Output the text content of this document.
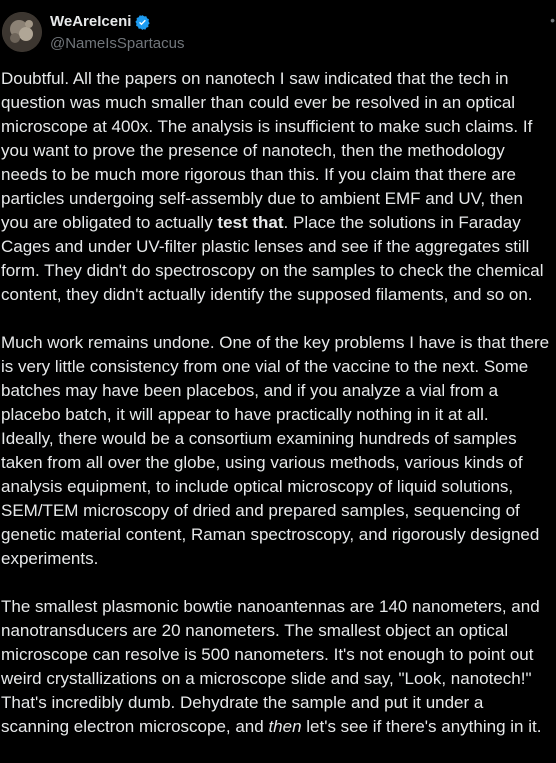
WeAreIceni
@NameIsSpartacus
•
Doubtful. All the papers on nanotech I saw indicated that the tech in
question was much smaller than could ever be resolved in an optical
microscope at 400x. The analysis is insufficient to make such claims. If
you want to prove the presence of nanotech, then the methodology
needs to be much more rigorous than this. If you claim that there are
particles undergoing self-assembly due to ambient EMF and UV, then
you are obligated to actually test that. Place the solutions in Faraday
Cages and under UV-filter plastic lenses and see if the aggregates still
form. They didn't do spectroscopy on the samples to check the chemical
content, they didn't actually identify the supposed filaments, and so on.
Much work remains undone. One of the key problems I have is that there
is very little consistency from one vial of the vaccine to the next. Some
batches may have been placebos, and if you analyze a vial from a
placebo batch, it will appear to have practically nothing in it at all.
Ideally, there would be a consortium examining hundreds of samples
taken from all over the globe, using various methods, various kinds of
analysis equipment, to include optical microscopy of liquid solutions,
SEM/TEM microscopy of dried and prepared samples, sequencing of
genetic material content, Raman spectroscopy, and rigorously designed
experiments.
The smallest plasmonic bowtie nanoantennas are 140 nanometers, and
nanotransducers are 20 nanometers. The smallest object an optical
microscope can resolve is 500 nanometers. It's not enough to point out
weird crystallizations on a microscope slide and say, "Look, nanotech!"
That's incredibly dumb. Dehydrate the sample and put it under a
scanning electron microscope, and then let's see if there's anything in it.
